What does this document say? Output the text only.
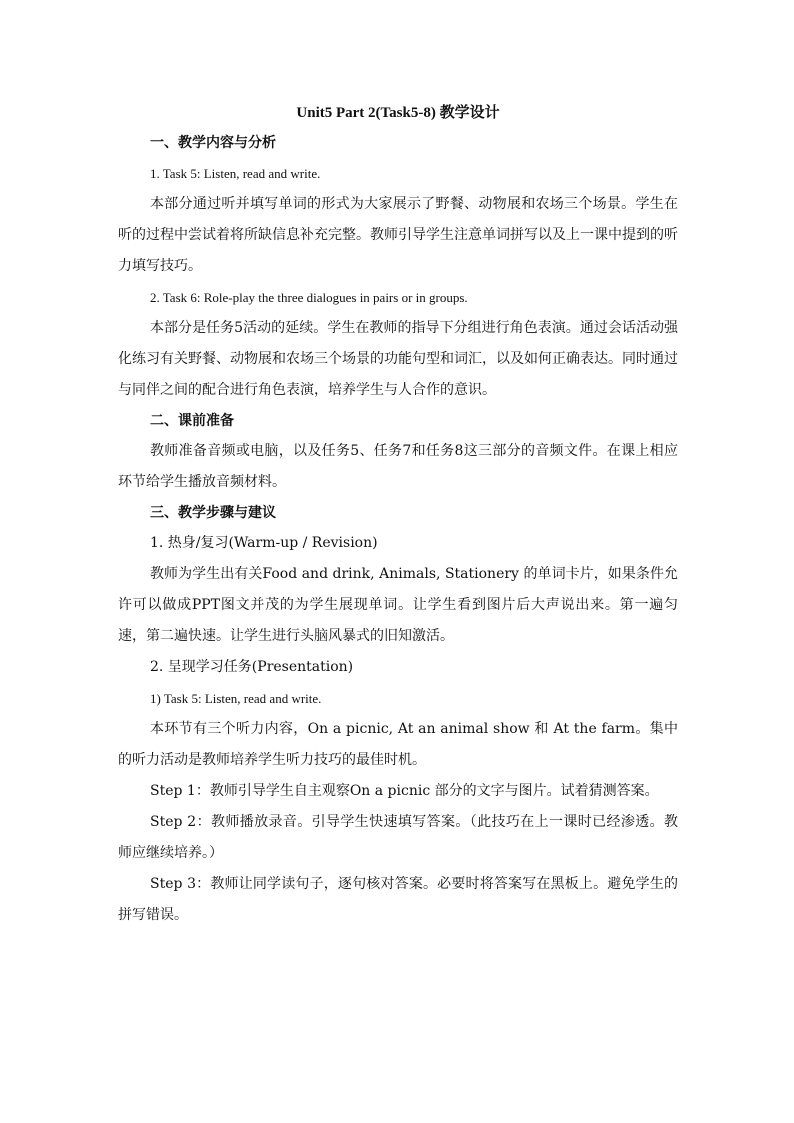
Unit5 Part 2(Task5-8) 教学设计
一、教学内容与分析
1. Task 5: Listen, read and write.
本部分通过听并填写单词的形式为大家展示了野餐、动物展和农场三个场景。学生在听的过程中尝试着将所缺信息补充完整。教师引导学生注意单词拼写以及上一课中提到的听力填写技巧。
2. Task 6: Role-play the three dialogues in pairs or in groups.
本部分是任务5活动的延续。学生在教师的指导下分组进行角色表演。通过会话活动强化练习有关野餐、动物展和农场三个场景的功能句型和词汇，以及如何正确表达。同时通过与同伴之间的配合进行角色表演，培养学生与人合作的意识。
二、课前准备
教师准备音频或电脑，以及任务5、任务7和任务8这三部分的音频文件。在课上相应环节给学生播放音频材料。
三、教学步骤与建议
1. 热身/复习(Warm-up / Revision)
教师为学生出有关Food and drink, Animals, Stationery 的单词卡片，如果条件允许可以做成PPT图文并茂的为学生展现单词。让学生看到图片后大声说出来。第一遍匀速，第二遍快速。让学生进行头脑风暴式的旧知激活。
2. 呈现学习任务(Presentation)
1) Task 5: Listen, read and write.
本环节有三个听力内容，On a picnic, At an animal show 和 At the farm。集中的听力活动是教师培养学生听力技巧的最佳时机。
Step 1：教师引导学生自主观察On a picnic 部分的文字与图片。试着猜测答案。
Step 2：教师播放录音。引导学生快速填写答案。（此技巧在上一课时已经渗透。教师应继续培养。）
Step 3：教师让同学读句子，逐句核对答案。必要时将答案写在黑板上。避免学生的拼写错误。
